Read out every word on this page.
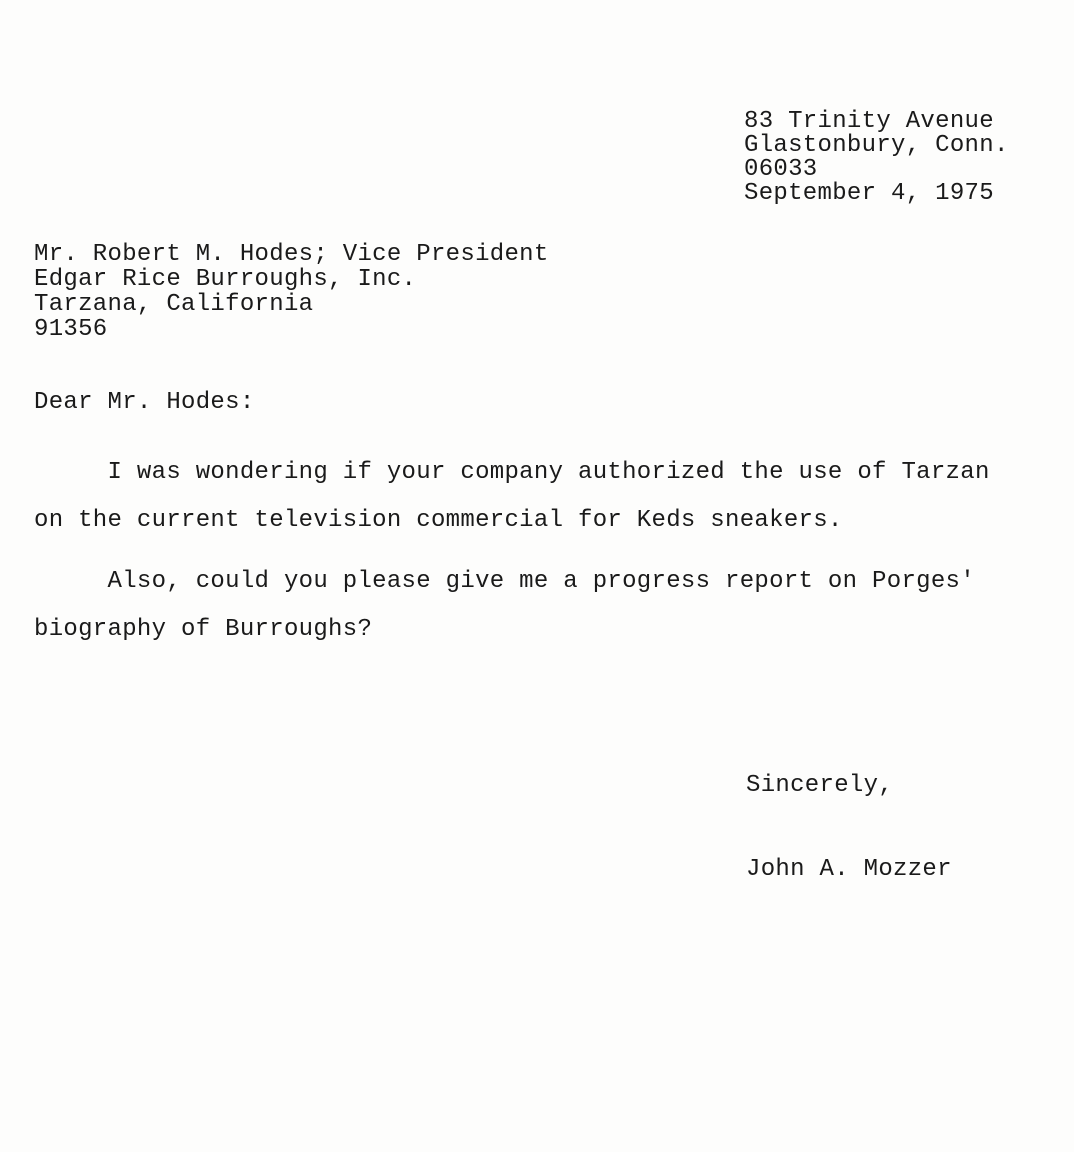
83 Trinity Avenue
Glastonbury, Conn.
06033
September 4, 1975
Mr. Robert M. Hodes; Vice President
Edgar Rice Burroughs, Inc.
Tarzana, California
91356
Dear Mr. Hodes:
I was wondering if your company authorized the use of Tarzan
on the current television commercial for Keds sneakers.
Also, could you please give me a progress report on Porges'
biography of Burroughs?
Sincerely,
John A. Mozzer
